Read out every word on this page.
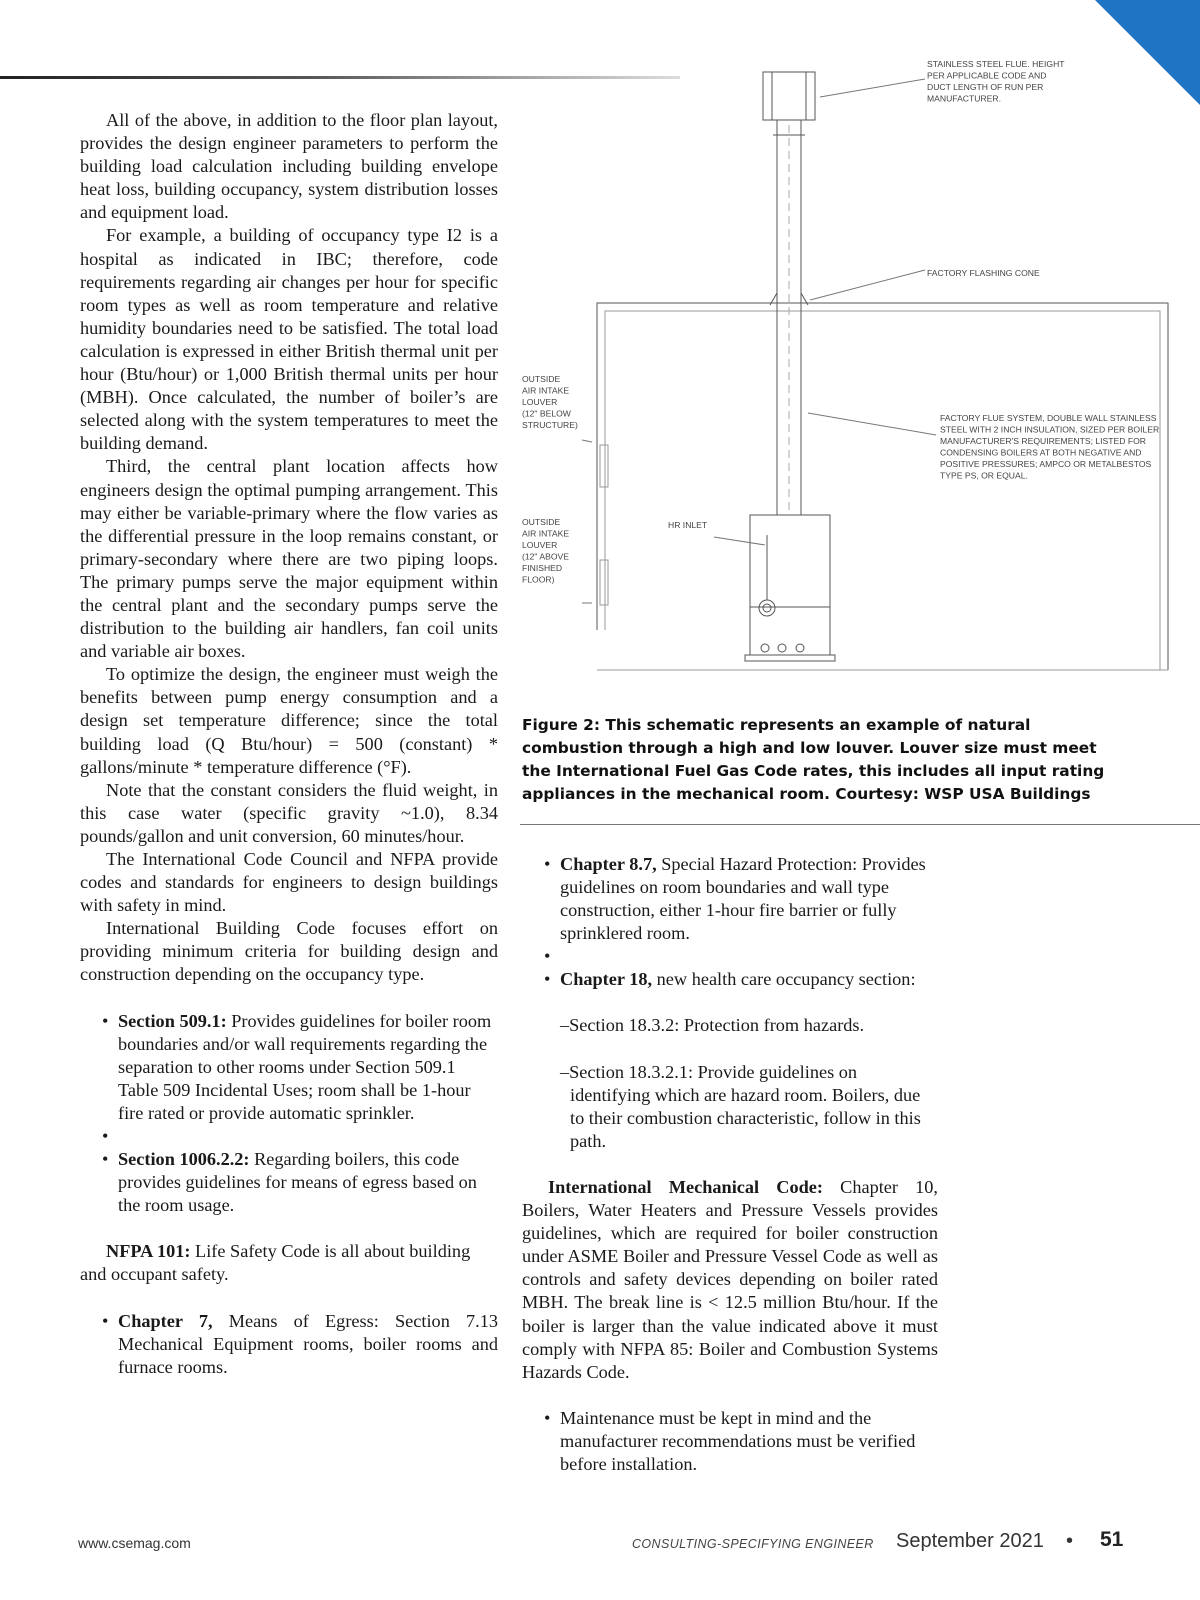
All of the above, in addition to the floor plan layout, provides the design engineer parameters to perform the building load calculation including building envelope heat loss, building occupancy, system distribution losses and equipment load.

For example, a building of occupancy type I2 is a hospital as indicated in IBC; therefore, code requirements regarding air changes per hour for specific room types as well as room temperature and relative humidity boundaries need to be satisfied. The total load calculation is expressed in either British thermal unit per hour (Btu/hour) or 1,000 British thermal units per hour (MBH). Once calculated, the number of boiler’s are selected along with the system temperatures to meet the building demand.

Third, the central plant location affects how engineers design the optimal pumping arrangement. This may either be variable-primary where the flow varies as the differential pressure in the loop remains constant, or primary-secondary where there are two piping loops. The primary pumps serve the major equipment within the central plant and the secondary pumps serve the distribution to the building air handlers, fan coil units and variable air boxes.

To optimize the design, the engineer must weigh the benefits between pump energy consumption and a design set temperature difference; since the total building load (Q Btu/hour) = 500 (constant) * gallons/minute * temperature difference (°F).

Note that the constant considers the fluid weight, in this case water (specific gravity ~1.0), 8.34 pounds/gallon and unit conversion, 60 minutes/hour.

The International Code Council and NFPA provide codes and standards for engineers to design buildings with safety in mind.

International Building Code focuses effort on providing minimum criteria for building design and construction depending on the occupancy type.

• Section 509.1: Provides guidelines for boiler room boundaries and/or wall requirements regarding the separation to other rooms under Section 509.1 Table 509 Incidental Uses; room shall be 1-hour fire rated or provide automatic sprinkler.
•
• Section 1006.2.2: Regarding boilers, this code provides guidelines for means of egress based on the room usage.

NFPA 101: Life Safety Code is all about building and occupant safety.

• Chapter 7, Means of Egress: Section 7.13 Mechanical Equipment rooms, boiler rooms and furnace rooms.
STAINLESS STEEL FLUE. HEIGHT
PER APPLICABLE CODE AND
DUCT LENGTH OF RUN PER
MANUFACTURER.
FACTORY FLASHING CONE
OUTSIDE
AIR INTAKE
LOUVER
(12" BELOW
STRUCTURE)
FACTORY FLUE SYSTEM, DOUBLE WALL STAINLESS
STEEL WITH 2 INCH INSULATION, SIZED PER BOILER
MANUFACTURER'S REQUIREMENTS; LISTED FOR
CONDENSING BOILERS AT BOTH NEGATIVE AND
POSITIVE PRESSURES; AMPCO OR METALBESTOS
TYPE PS, OR EQUAL.
HR INLET
OUTSIDE
AIR INTAKE
LOUVER
(12" ABOVE
FINISHED
FLOOR)
Figure 2: This schematic represents an example of natural combustion through a high and low louver. Louver size must meet the International Fuel Gas Code rates, this includes all input rating appliances in the mechanical room. Courtesy: WSP USA Buildings
• Chapter 8.7, Special Hazard Protection: Provides guidelines on room boundaries and wall type construction, either 1-hour fire barrier or fully sprinklered room.
•
• Chapter 18, new health care occupancy section:

–Section 18.3.2: Protection from hazards.

–Section 18.3.2.1: Provide guidelines on identifying which are hazard room. Boilers, due to their combustion characteristic, follow in this path.

International Mechanical Code: Chapter 10, Boilers, Water Heaters and Pressure Vessels provides guidelines, which are required for boiler construction under ASME Boiler and Pressure Vessel Code as well as controls and safety devices depending on boiler rated MBH. The break line is < 12.5 million Btu/hour. If the boiler is larger than the value indicated above it must comply with NFPA 85: Boiler and Combustion Systems Hazards Code.

• Maintenance must be kept in mind and the manufacturer recommendations must be verified before installation.
www.csemag.com	CONSULTING-SPECIFYING ENGINEER September 2021 • 51
